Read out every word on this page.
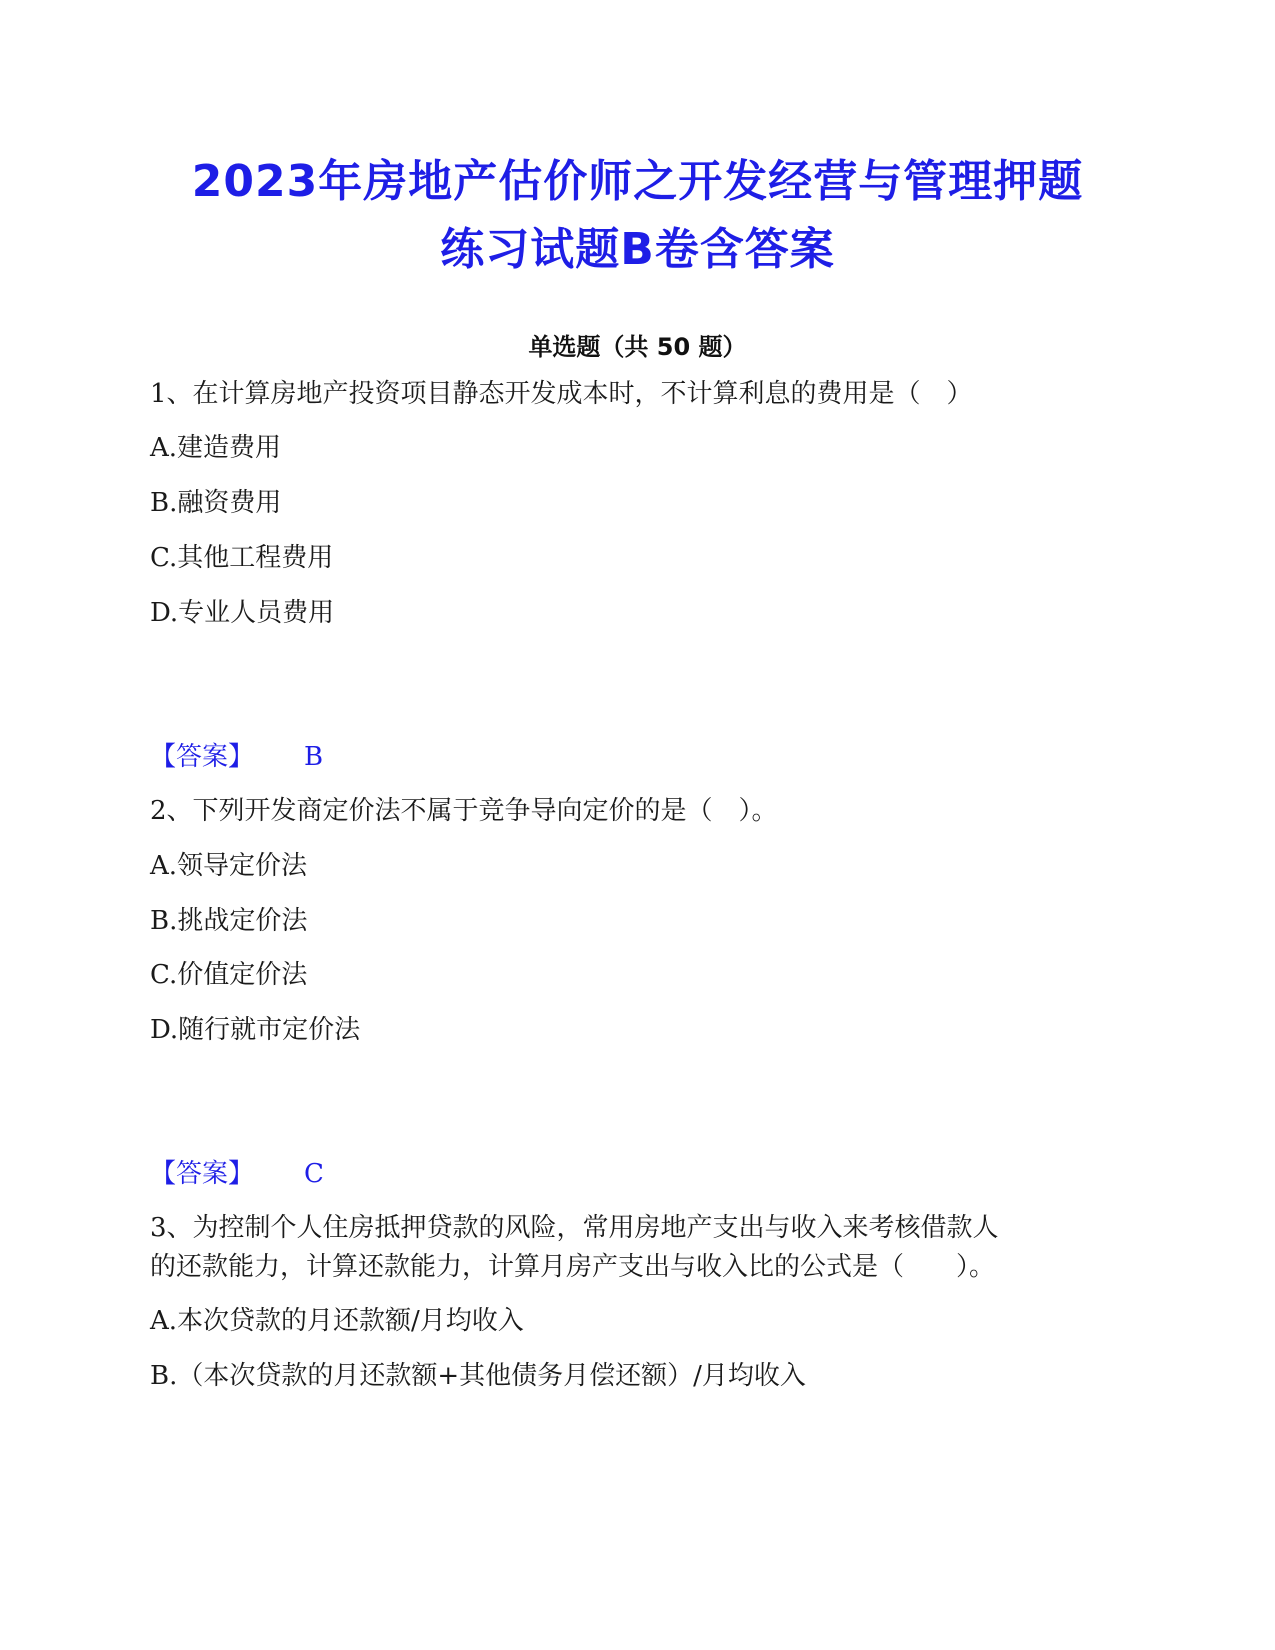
2023年房地产估价师之开发经营与管理押题
练习试题B卷含答案
单选题（共 50 题）
1、在计算房地产投资项目静态开发成本时，不计算利息的费用是（　）
A.建造费用
B.融资费用
C.其他工程费用
D.专业人员费用
【答案】 B
2、下列开发商定价法不属于竞争导向定价的是（　）。
A.领导定价法
B.挑战定价法
C.价值定价法
D.随行就市定价法
【答案】 C
3、为控制个人住房抵押贷款的风险，常用房地产支出与收入来考核借款人
的还款能力，计算还款能力，计算月房产支出与收入比的公式是（　　）。
A.本次贷款的月还款额/月均收入
B.（本次贷款的月还款额+其他债务月偿还额）/月均收入
